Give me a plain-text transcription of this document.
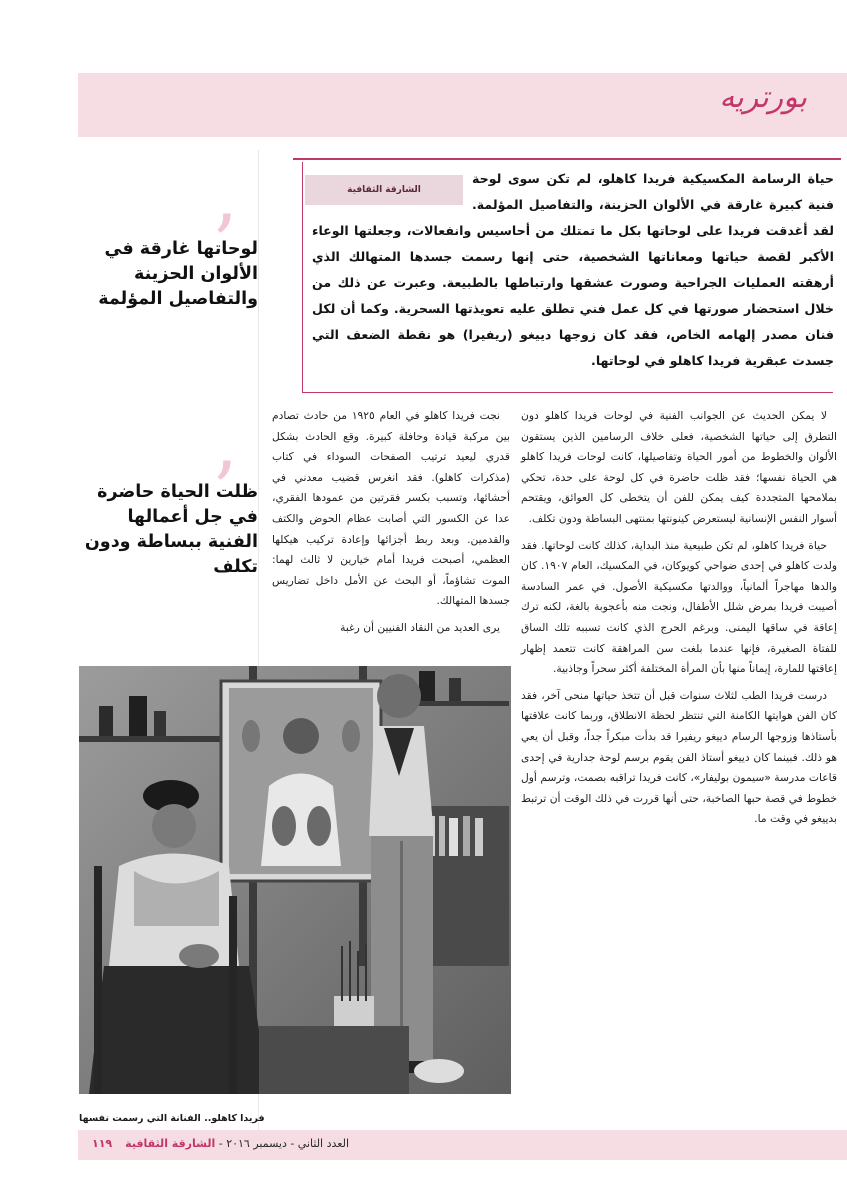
بورتريه
’
لوحاتها غارقة في الألوان الحزينة والتفاصيل المؤلمة
’
ظلت الحياة حاضرة في جل أعمالها الفنية ببساطة ودون تكلف
الشارقة الثقافية
حياة الرسامة المكسيكية فريدا كاهلو، لم تكن سوى لوحة فنية كبيرة غارقة في الألوان الحزينة، والتفاصيل المؤلمة. لقد أغدقت فريدا على لوحاتها بكل ما تمتلك من أحاسيس وانفعالات، وجعلتها الوعاء الأكبر لقصة حياتها ومعاناتها الشخصية، حتى إنها رسمت جسدها المتهالك الذي أرهقته العمليات الجراحية وصورت عشقها وارتباطها بالطبيعة. وعبرت عن ذلك من خلال استحضار صورتها في كل عمل فني تطلق عليه تعويذتها السحرية. وكما أن لكل فنان مصدر إلهامه الخاص، فقد كان زوجها دييغو (ريفيرا) هو نقطة الضعف التي جسدت عبقرية فريدا كاهلو في لوحاتها.

لا يمكن الحديث عن الجوانب الفنية في لوحات فريدا كاهلو دون التطرق إلى حياتها الشخصية، فعلى خلاف الرسامين الذين يستقون الألوان والخطوط من أمور الحياة وتفاصيلها، كانت لوحات فريدا كاهلو هي الحياة نفسها؛ فقد ظلت حاضرة في كل لوحة على حدة، تحكي بملامحها المتجددة كيف يمكن للفن أن يتخطى كل العوائق، ويقتحم أسوار النفس الإنسانية ليستعرض كينونتها بمنتهى البساطة ودون تكلف.

حياة فريدا كاهلو، لم تكن طبيعية منذ البداية، كذلك كانت لوحاتها. فقد ولدت كاهلو في إحدى ضواحي كويوكان، في المكسيك، العام ١٩٠٧. كان والدها مهاجراً ألمانياً، ووالدتها مكسيكية الأصول. في عمر السادسة أصيبت فريدا بمرض شلل الأطفال، ونجت منه بأعجوبة بالغة، لكنه ترك إعاقة في ساقها اليمنى. وبرغم الحرج الذي كانت تسببه تلك الساق للفتاة الصغيرة، فإنها عندما بلغت سن المراهقة كانت تتعمد إظهار إعاقتها للمارة، إيماناً منها بأن المرأة المختلفة أكثر سحراً وجاذبية.

درست فريدا الطب لثلاث سنوات قبل أن تتخذ حياتها منحى آخر، فقد كان الفن هوايتها الكامنة التي تنتظر لحظة الانطلاق، وربما كانت علاقتها بأستاذها وزوجها الرسام دييغو ريفيرا قد بدأت مبكراً جداً، وقبل أن يعي هو ذلك. فبينما كان دييغو أستاذ الفن يقوم برسم لوحة جدارية في إحدى قاعات مدرسة «سيمون بوليفار»، كانت فريدا تراقبه بصمت، وترسم أول خطوط في قصة حبها الصاخبة، حتى أنها قررت في ذلك الوقت أن ترتبط بدييغو في وقت ما.

نجت فريدا كاهلو في العام ١٩٢٥ من حادث تصادم بين مركبة قيادة وحافلة كبيرة. وقع الحادث بشكل قدري ليعيد ترتيب الصفحات السوداء في كتاب (مذكرات كاهلو). فقد انغرس قضيب معدني في أحشائها، وتسبب بكسر فقرتين من عمودها الفقري، عدا عن الكسور التي أصابت عظام الحوض والكتف والقدمين. وبعد ربط أجزائها وإعادة تركيب هيكلها العظمي، أصبحت فريدا أمام خيارين لا ثالث لهما: الموت تشاؤماً، أو البحث عن الأمل داخل تضاريس جسدها المتهالك.

يرى العديد من النقاد الفنيين أن رغبة

فريدا كاهلو.. الفنانة التي رسمت نفسها
العدد الثاني - ديسمبر ٢٠١٦ - الشارقة الثقافية  ١١٩
